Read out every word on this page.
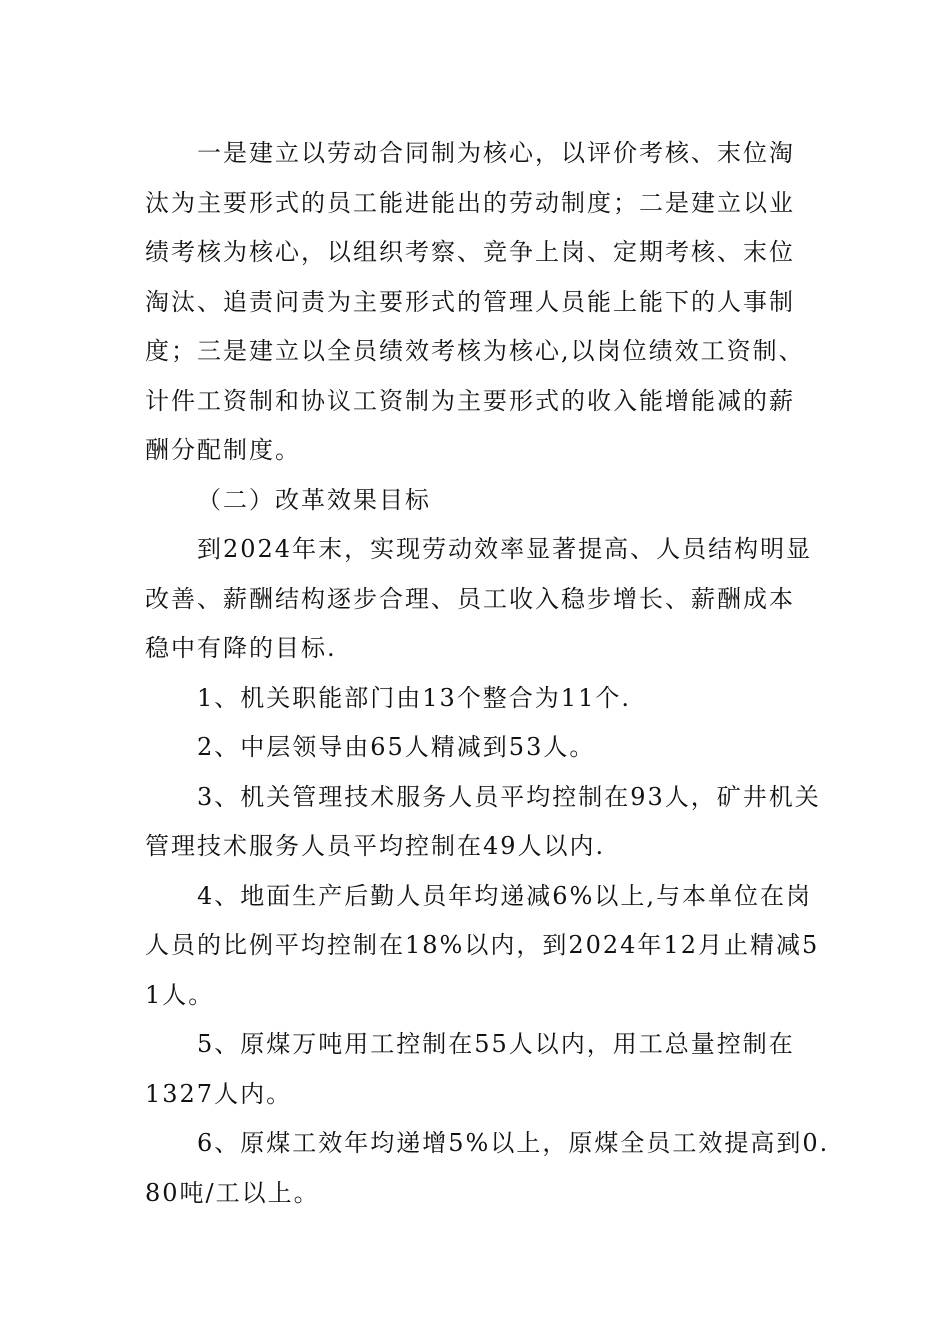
一是建立以劳动合同制为核心，以评价考核、末位淘
汰为主要形式的员工能进能出的劳动制度；二是建立以业
绩考核为核心，以组织考察、竞争上岗、定期考核、末位
淘汰、追责问责为主要形式的管理人员能上能下的人事制
度；三是建立以全员绩效考核为核心,以岗位绩效工资制、
计件工资制和协议工资制为主要形式的收入能增能减的薪
酬分配制度。
（二）改革效果目标
到2024年末，实现劳动效率显著提高、人员结构明显
改善、薪酬结构逐步合理、员工收入稳步增长、薪酬成本
稳中有降的目标.
1、机关职能部门由13个整合为11个.
2、中层领导由65人精减到53人。
3、机关管理技术服务人员平均控制在93人，矿井机关
管理技术服务人员平均控制在49人以内.
4、地面生产后勤人员年均递减6%以上,与本单位在岗
人员的比例平均控制在18%以内，到2024年12月止精减5
1人。
5、原煤万吨用工控制在55人以内，用工总量控制在
1327人内。
6、原煤工效年均递增5%以上，原煤全员工效提高到0.
80吨/工以上。
